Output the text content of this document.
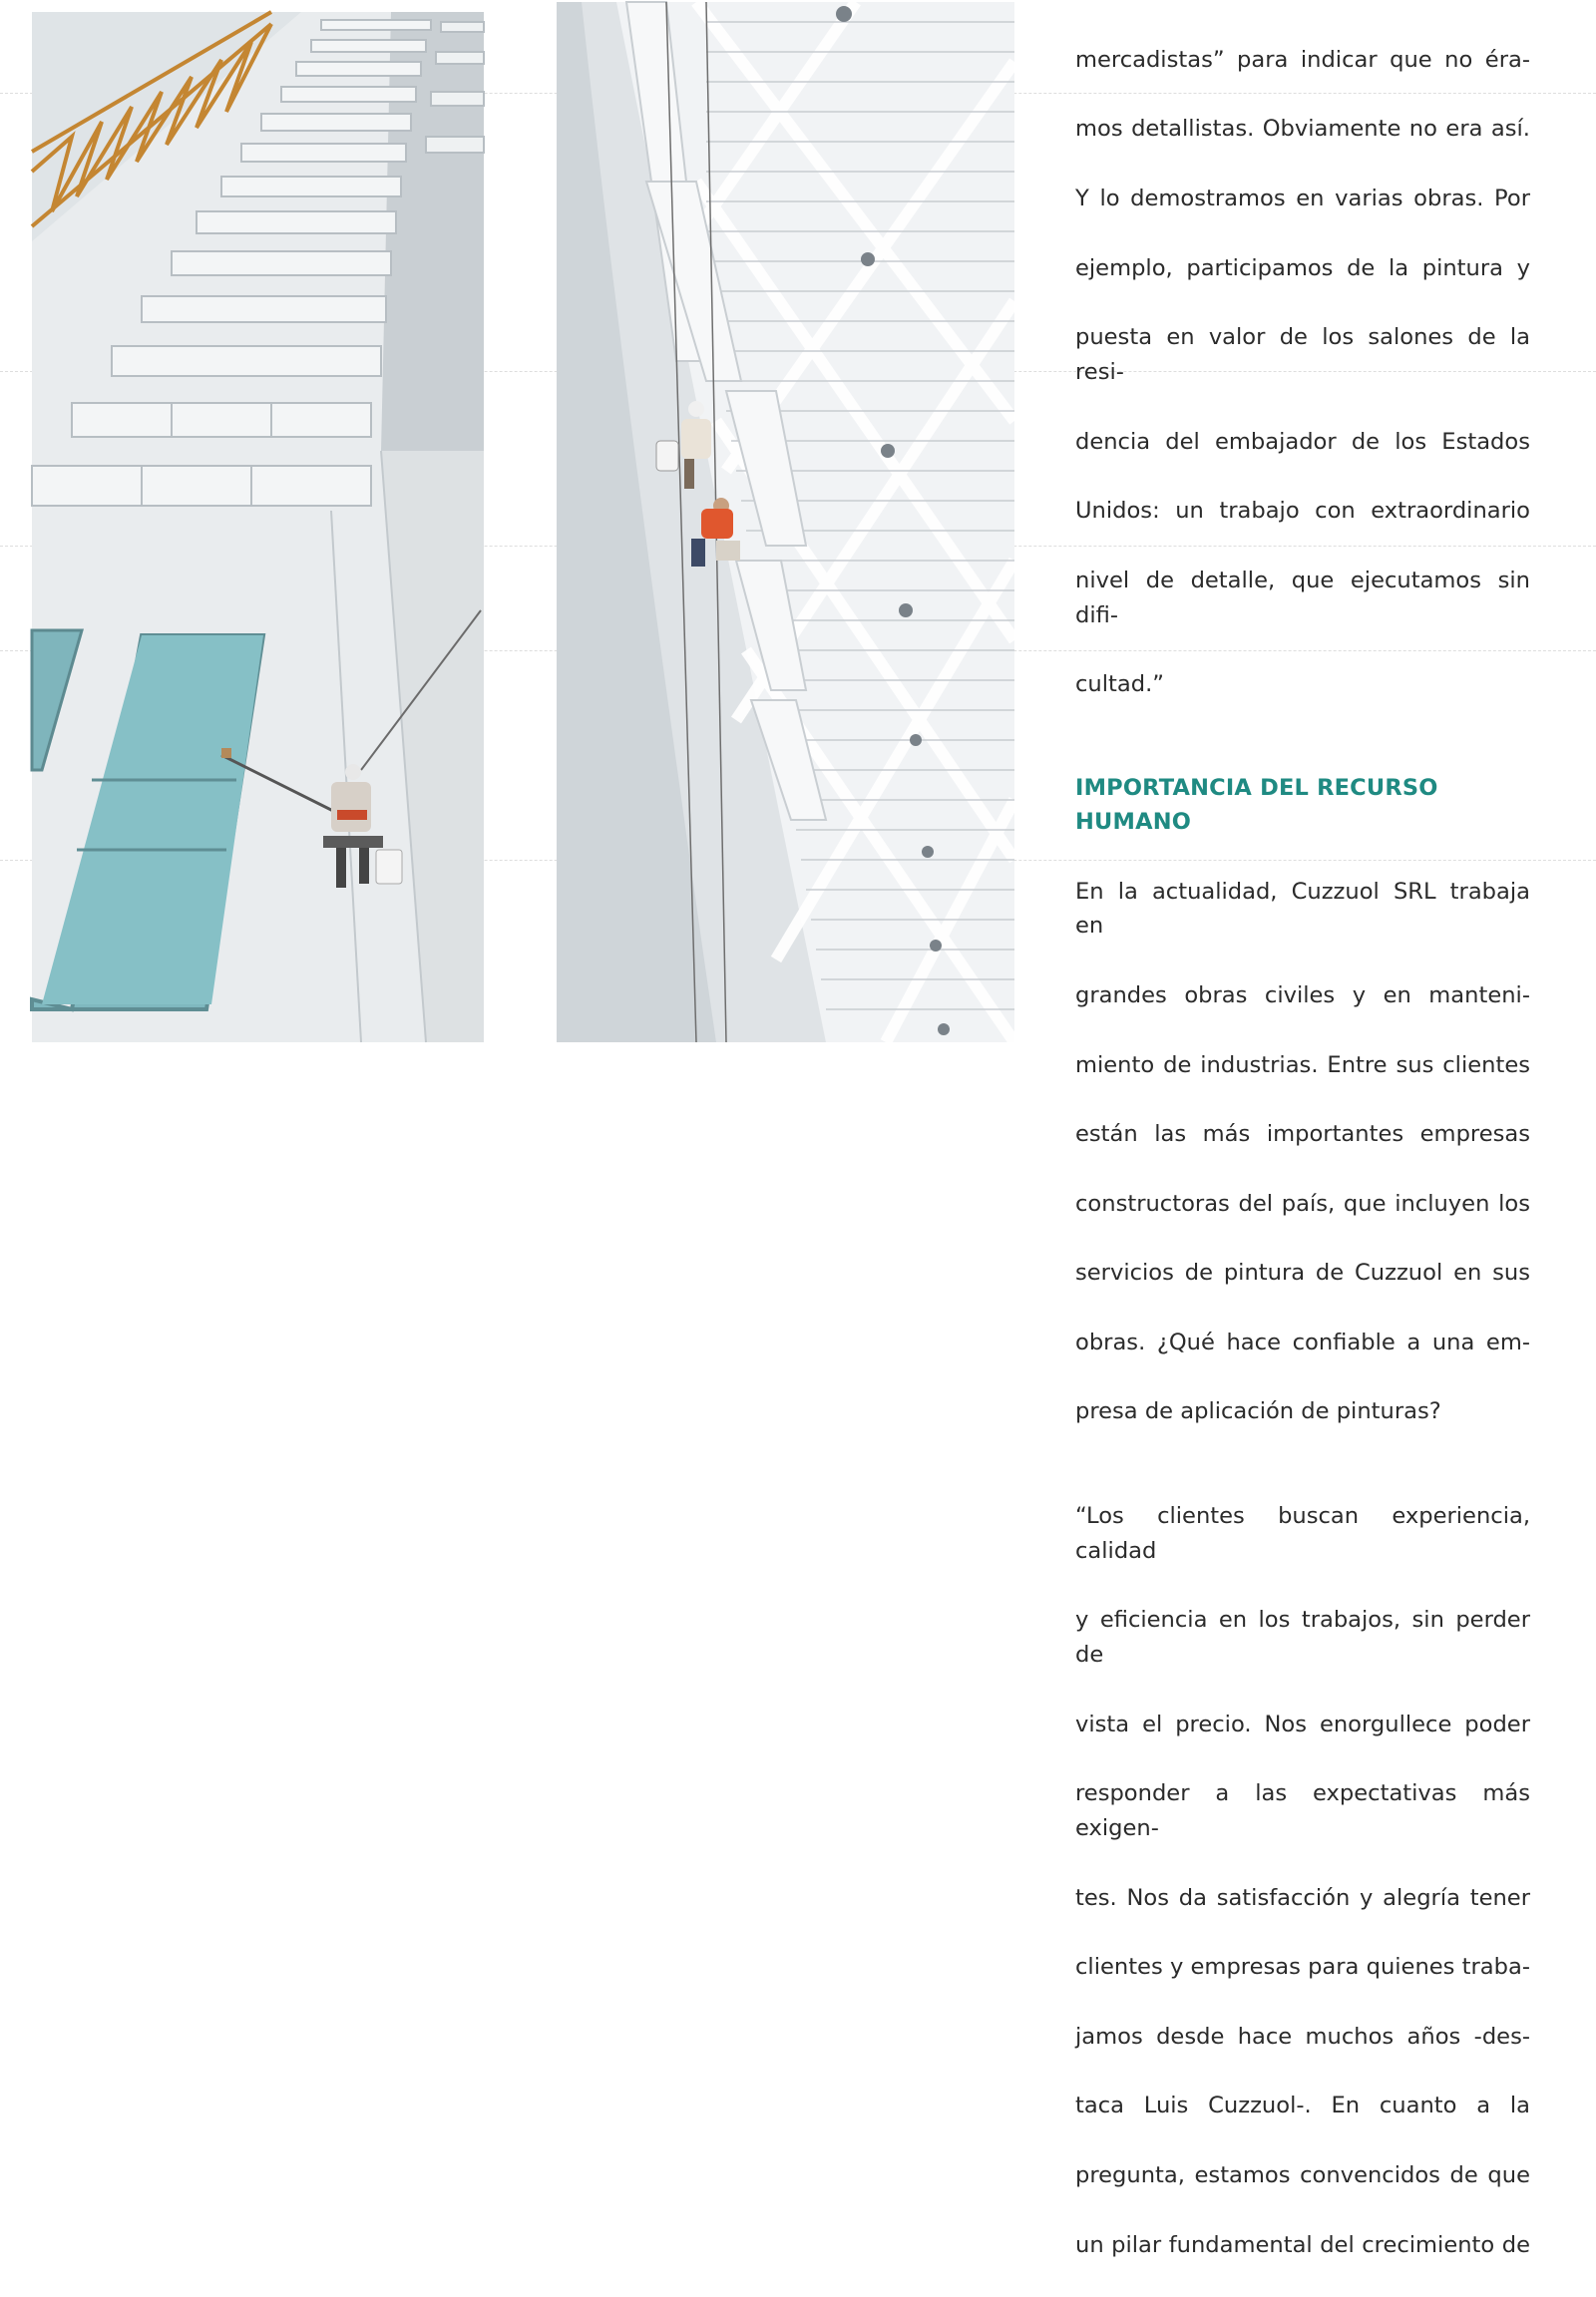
mercadistas” para indicar que no éra-

mos detallistas. Obviamente no era así.

Y lo demostramos en varias obras. Por

ejemplo, participamos de la pintura y

puesta en valor de los salones de la resi-

dencia del embajador de los Estados

Unidos: un trabajo con extraordinario

nivel de detalle, que ejecutamos sin difi-

cultad.”

IMPORTANCIA DEL RECURSO
HUMANO

En la actualidad, Cuzzuol SRL trabaja en

grandes obras civiles y en manteni-

miento de industrias. Entre sus clientes

están las más importantes empresas

constructoras del país, que incluyen los

servicios de pintura de Cuzzuol en sus

obras. ¿Qué hace confiable a una em-

presa de aplicación de pinturas?

“Los clientes buscan experiencia, calidad

y eficiencia en los trabajos, sin perder de

vista el precio. Nos enorgullece poder

responder a las expectativas más exigen-

tes. Nos da satisfacción y alegría tener

clientes y empresas para quienes traba-

jamos desde hace muchos años -des-

taca Luis Cuzzuol-. En cuanto a la

pregunta, estamos convencidos de que

un pilar fundamental del crecimiento de
